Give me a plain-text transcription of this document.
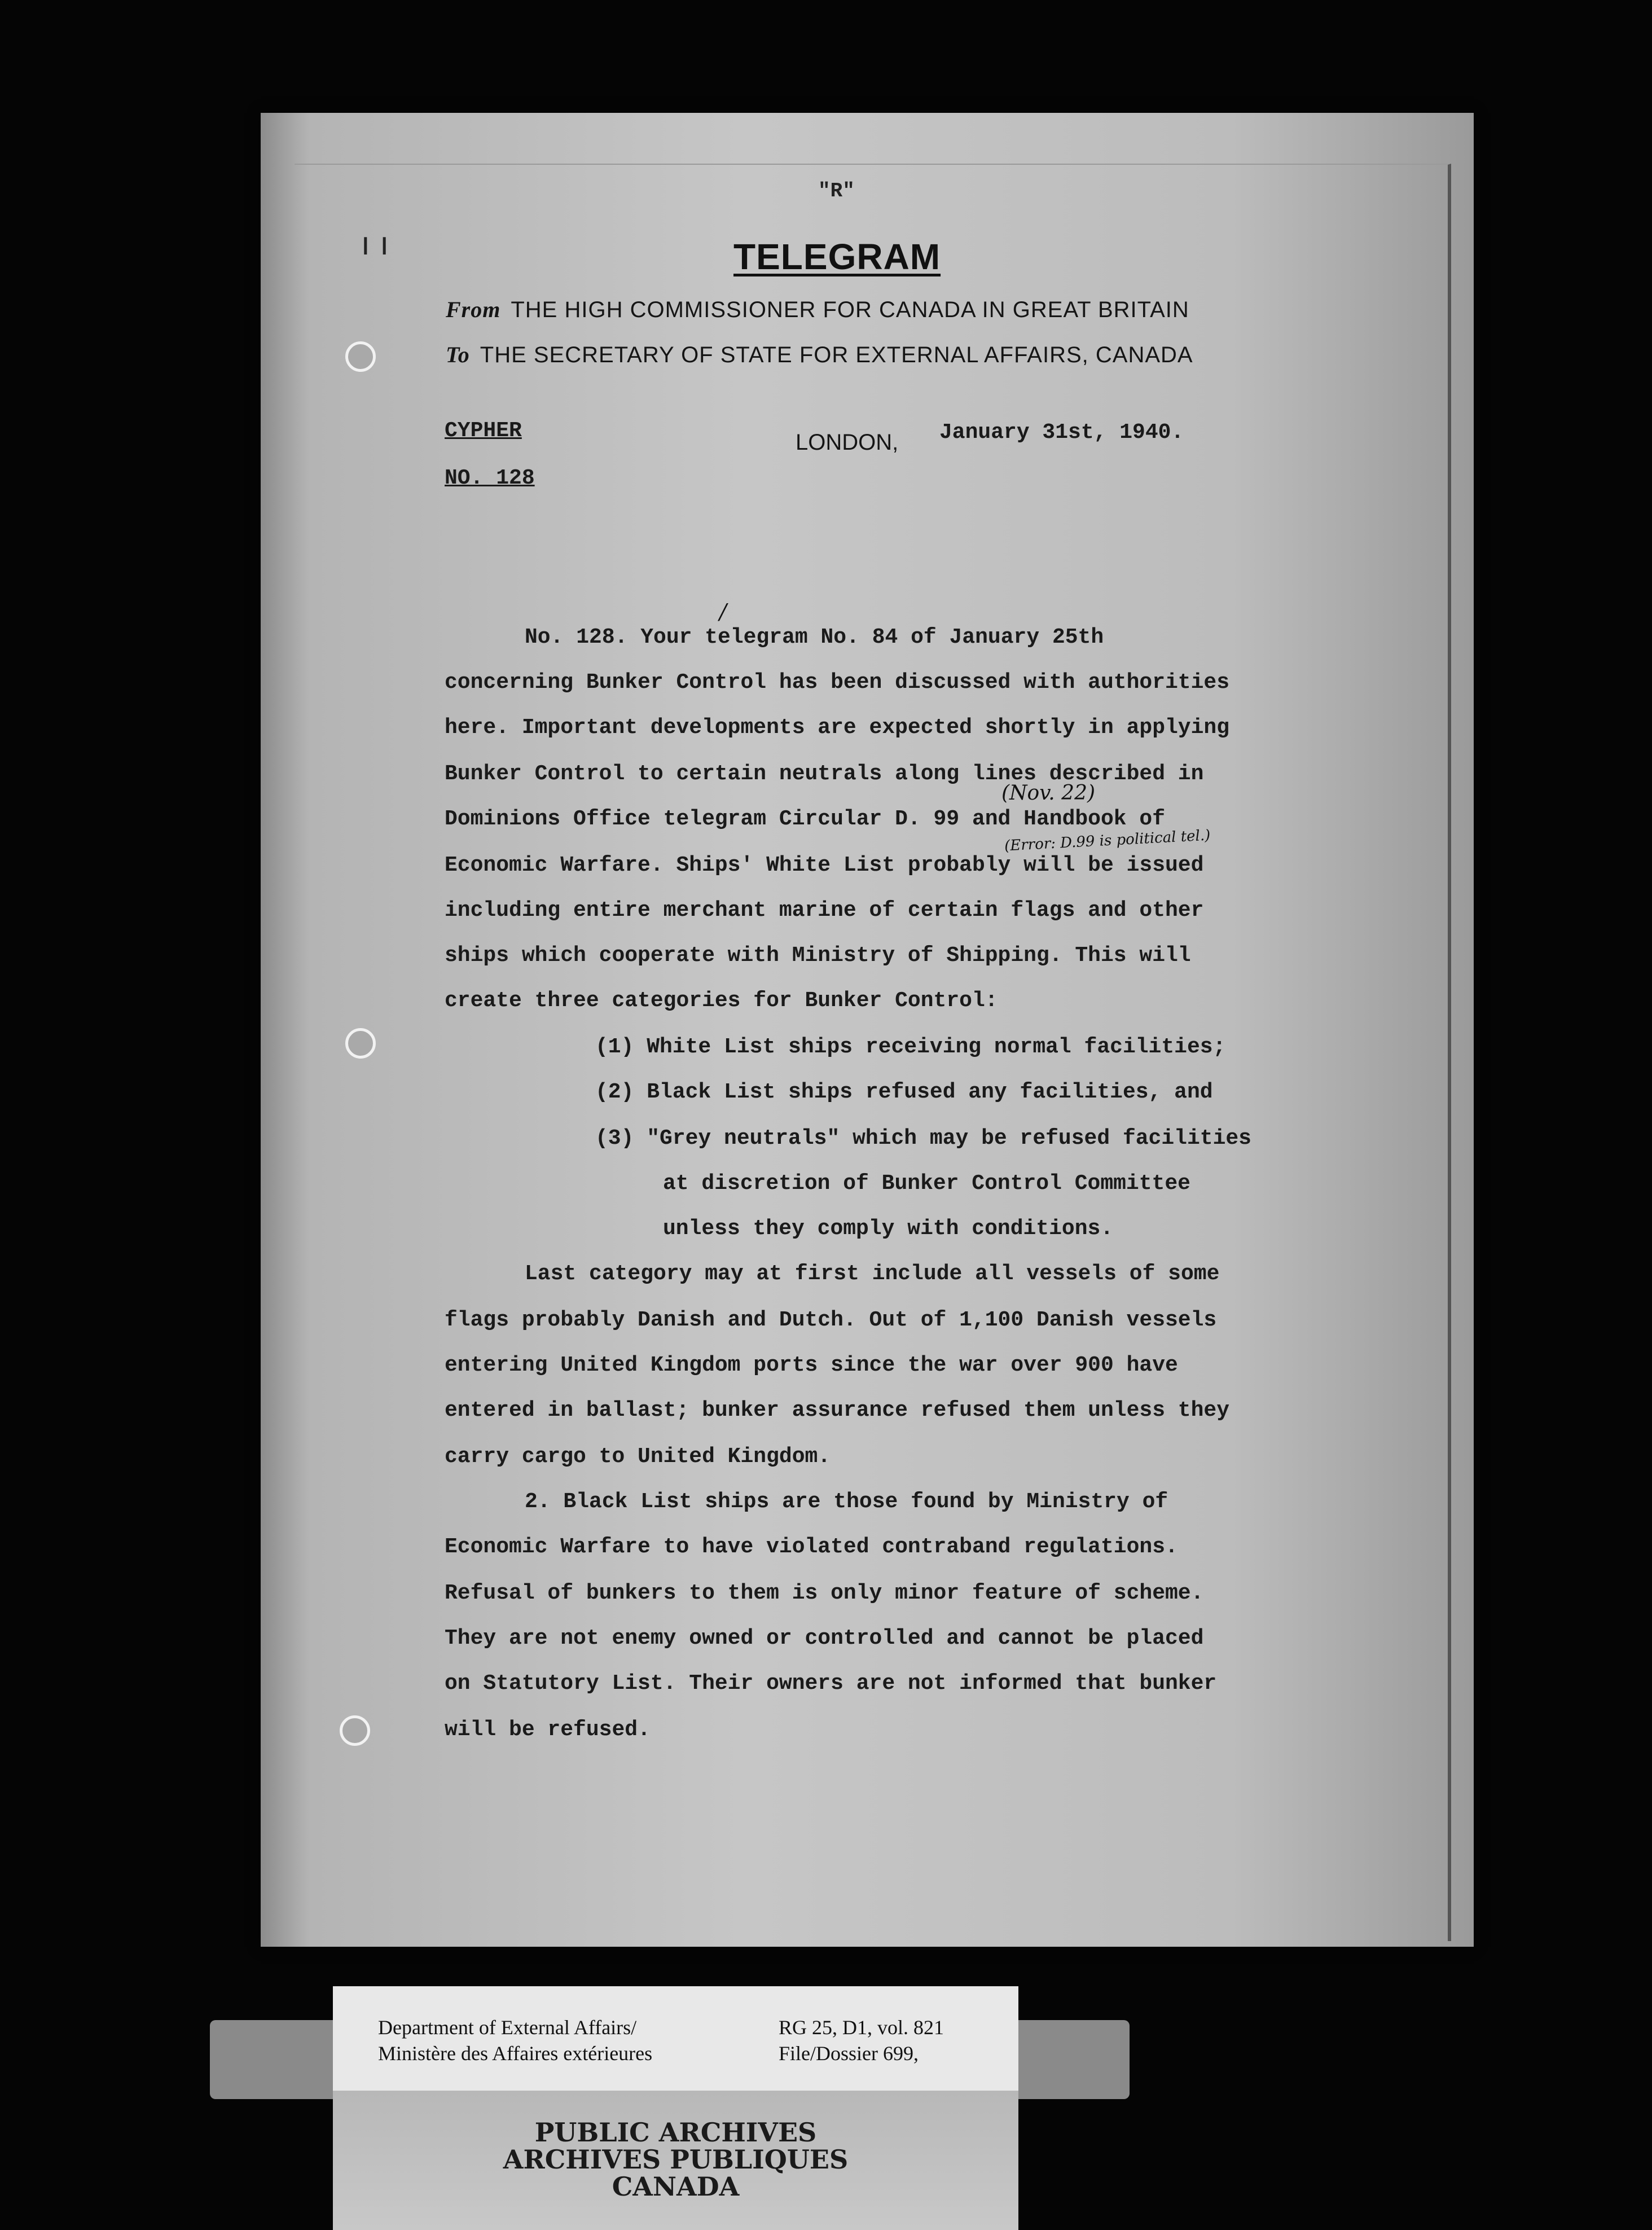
ı ı
"R"
TELEGRAM
From THE HIGH COMMISSIONER FOR CANADA IN GREAT BRITAIN
To THE SECRETARY OF STATE FOR EXTERNAL AFFAIRS, CANADA
CYPHER
NO. 128
LONDON, January 31st, 1940.
No. 128. Your telegram No. 84 of January 25th
concerning Bunker Control has been discussed with authorities
here. Important developments are expected shortly in applying
Bunker Control to certain neutrals along lines described in
Dominions Office telegram Circular D. 99 and Handbook of
Economic Warfare. Ships' White List probably will be issued
including entire merchant marine of certain flags and other
ships which cooperate with Ministry of Shipping. This will
create three categories for Bunker Control:
(1) White List ships receiving normal facilities;
(2) Black List ships refused any facilities, and
(3) "Grey neutrals" which may be refused facilities
at discretion of Bunker Control Committee
unless they comply with conditions.
Last category may at first include all vessels of some
flags probably Danish and Dutch. Out of 1,100 Danish vessels
entering United Kingdom ports since the war over 900 have
entered in ballast; bunker assurance refused them unless they
carry cargo to United Kingdom.
2. Black List ships are those found by Ministry of
Economic Warfare to have violated contraband regulations.
Refusal of bunkers to them is only minor feature of scheme.
They are not enemy owned or controlled and cannot be placed
on Statutory List. Their owners are not informed that bunker
will be refused.
(Nov. 22)
(Error: D.99 is political tel.)
/
Department of External Affairs/
Ministère des Affaires extérieures
RG 25, D1, vol. 821
File/Dossier 699,
PUBLIC ARCHIVES
ARCHIVES PUBLIQUES
CANADA
